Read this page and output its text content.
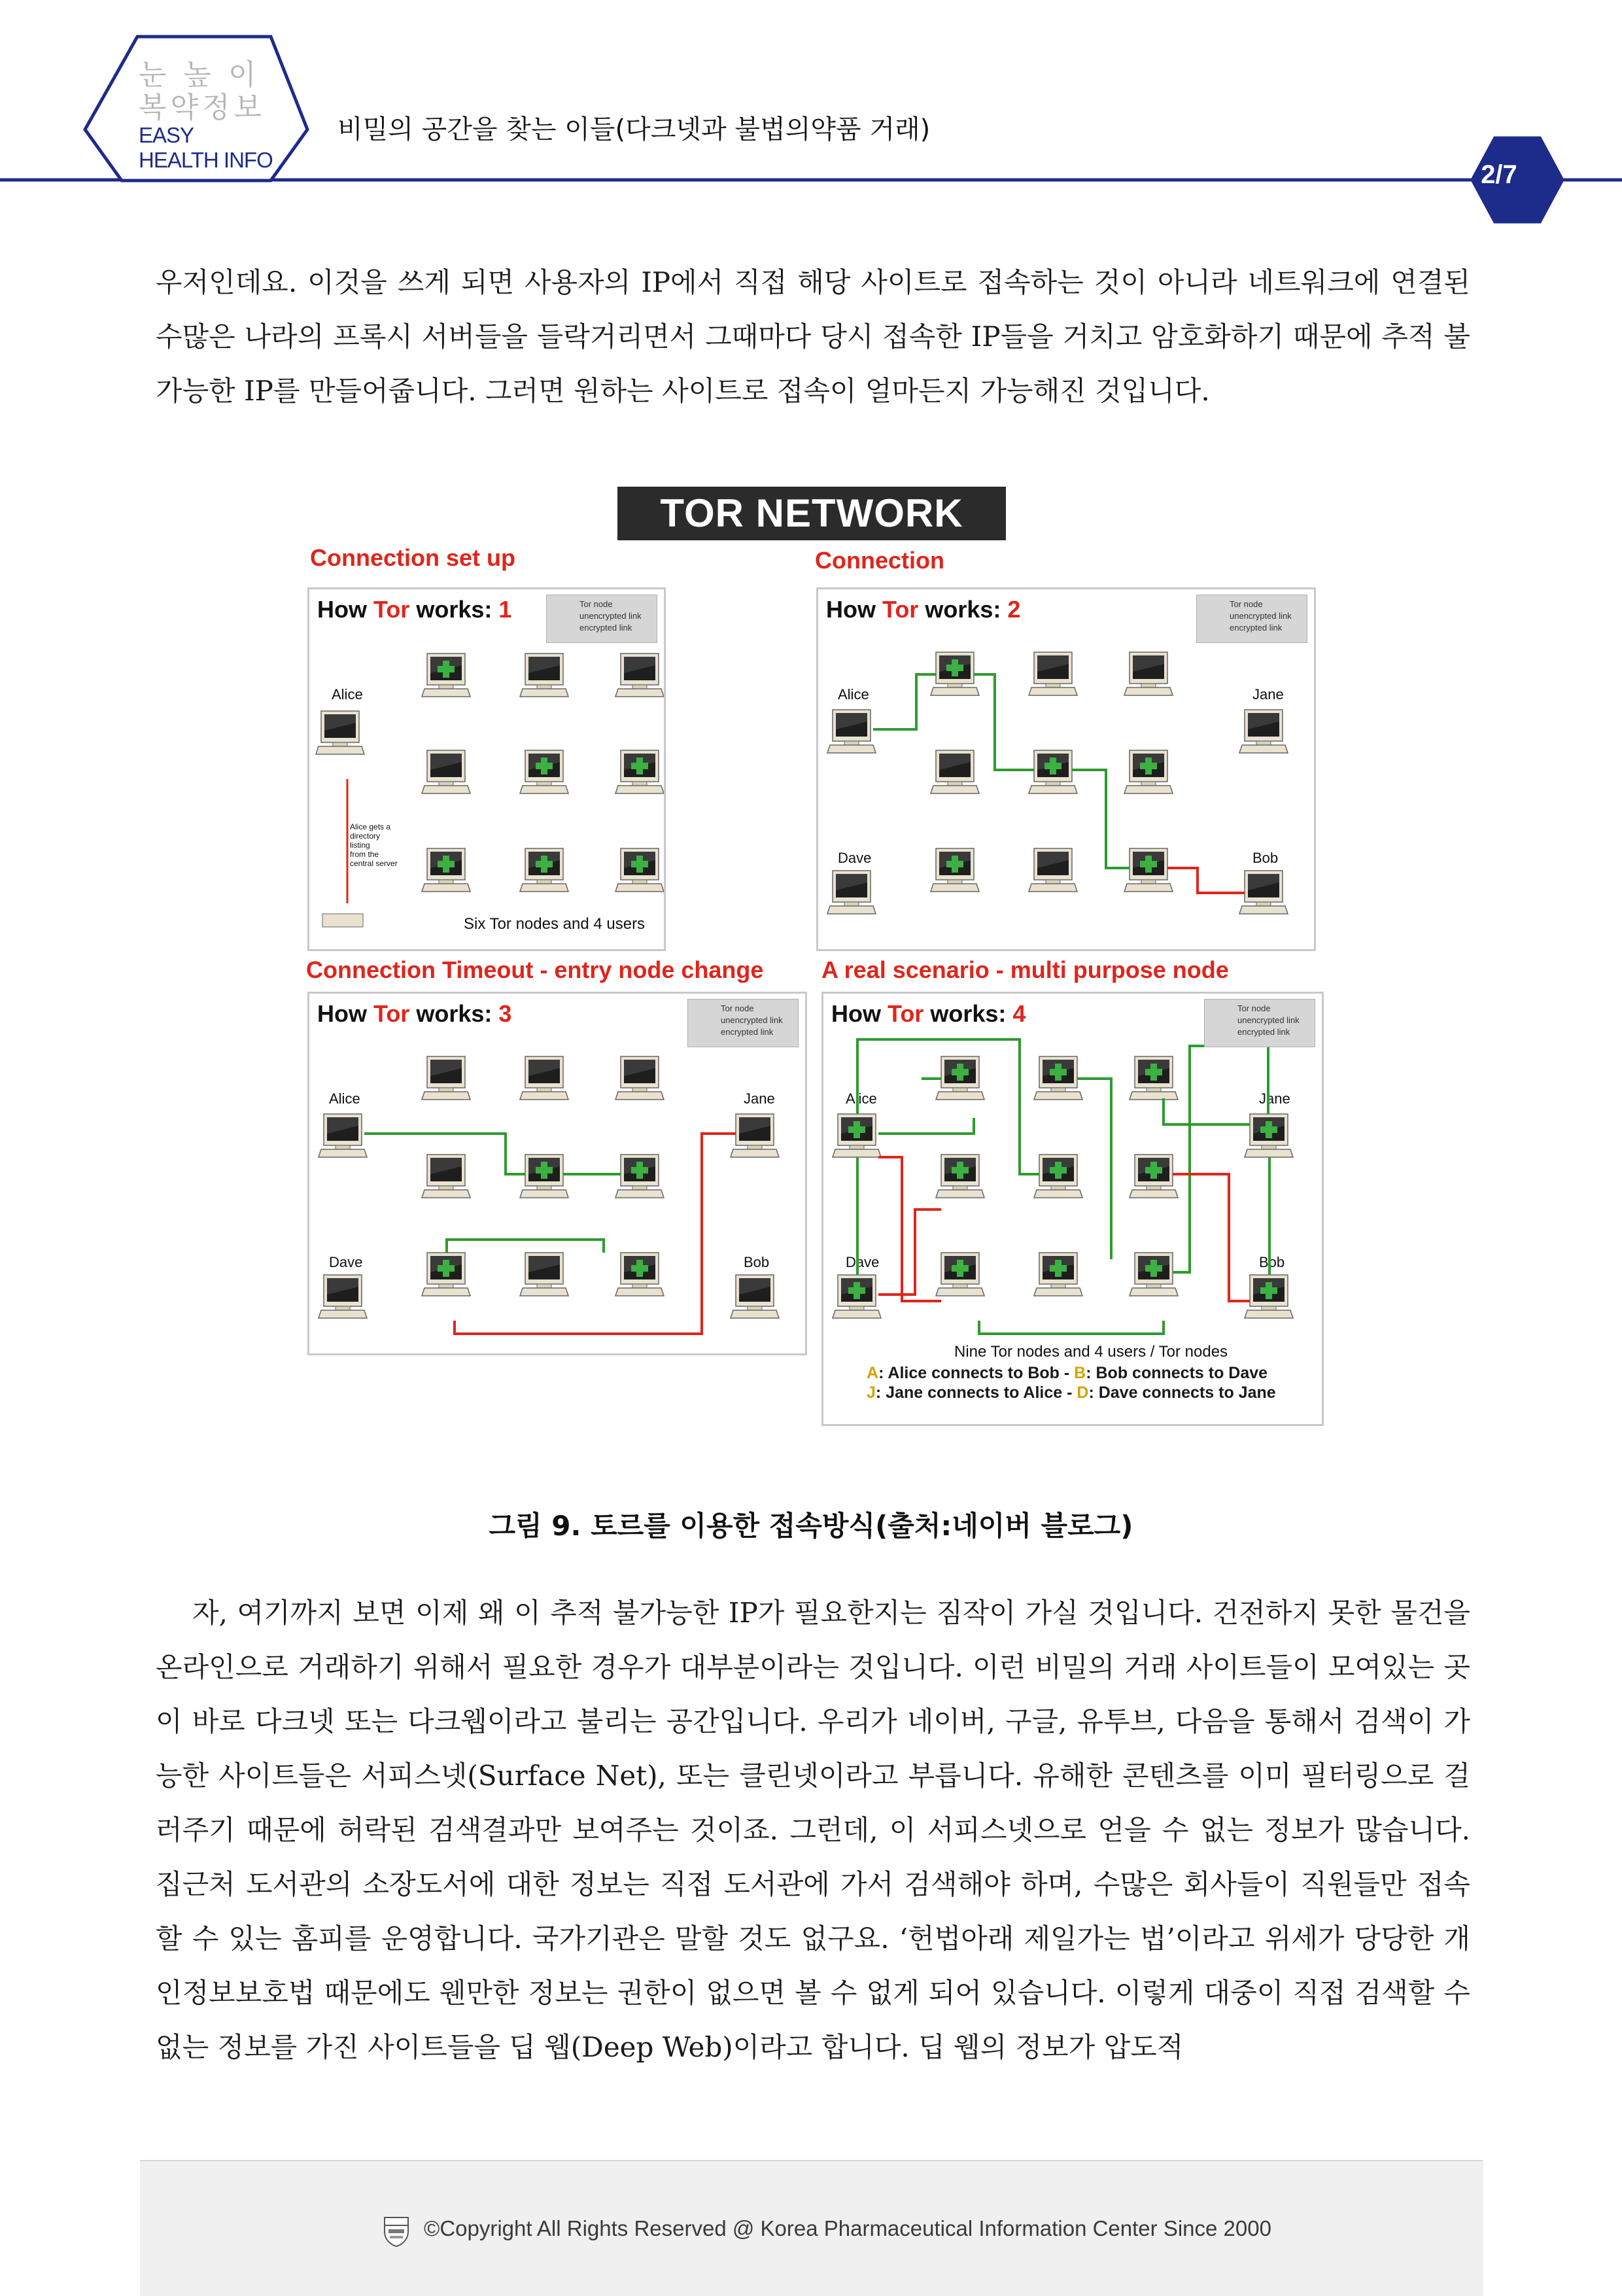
눈 높 이
복약정보
EASY
HEALTH INFO
비밀의 공간을 찾는 이들(다크넷과 불법의약품 거래)
2/7
우저인데요. 이것을 쓰게 되면 사용자의 IP에서 직접 해당 사이트로 접속하는 것이 아니라 네트워크에 연결된 수많은 나라의 프록시 서버들을 들락거리면서 그때마다 당시 접속한 IP들을 거치고 암호화하기 때문에 추적 불가능한 IP를 만들어줍니다. 그러면 원하는 사이트로 접속이 얼마든지 가능해진 것입니다.
TOR NETWORK
Connection set up	Connection
Connection Timeout - entry node change A real scenario - multi purpose node
How Tor works: 1	Tor node
unencrypted link
encrypted link
Alice
Alice gets a
directory
listing
from the
central server
Six Tor nodes and 4 users
Alice	Jane
Dave	Bob
How Tor works: 2	Tor node
unencrypted link
encrypted link
Alice	Jane
Dave	Bob
How Tor works: 3	Tor node
unencrypted link
encrypted link
Alice	Jane
Dave	Bob
How Tor works: 4	Tor node
unencrypted link
encrypted link
Nine Tor nodes and 4 users / Tor nodes
A: Alice connects to Bob - B: Bob connects to Dave
J: Jane connects to Alice - D: Dave connects to Jane
그림 9. 토르를 이용한 접속방식(출처:네이버 블로그)
자, 여기까지 보면 이제 왜 이 추적 불가능한 IP가 필요한지는 짐작이 가실 것입니다. 건전하지 못한 물건을 온라인으로 거래하기 위해서 필요한 경우가 대부분이라는 것입니다. 이런 비밀의 거래 사이트들이 모여있는 곳이 바로 다크넷 또는 다크웹이라고 불리는 공간입니다. 우리가 네이버, 구글, 유투브, 다음을 통해서 검색이 가능한 사이트들은 서피스넷(Surface Net), 또는 클린넷이라고 부릅니다. 유해한 콘텐츠를 이미 필터링으로 걸러주기 때문에 허락된 검색결과만 보여주는 것이죠. 그런데, 이 서피스넷으로 얻을 수 없는 정보가 많습니다. 집근처 도서관의 소장도서에 대한 정보는 직접 도서관에 가서 검색해야 하며, 수많은 회사들이 직원들만 접속할 수 있는 홈피를 운영합니다. 국가기관은 말할 것도 없구요. ‘헌법아래 제일가는 법’이라고 위세가 당당한 개인정보보호법 때문에도 웬만한 정보는 권한이 없으면 볼 수 없게 되어 있습니다. 이렇게 대중이 직접 검색할 수 없는 정보를 가진 사이트들을 딥 웹(Deep Web)이라고 합니다. 딥 웹의 정보가 압도적
©Copyright All Rights Reserved @ Korea Pharmaceutical Information Center Since 2000
